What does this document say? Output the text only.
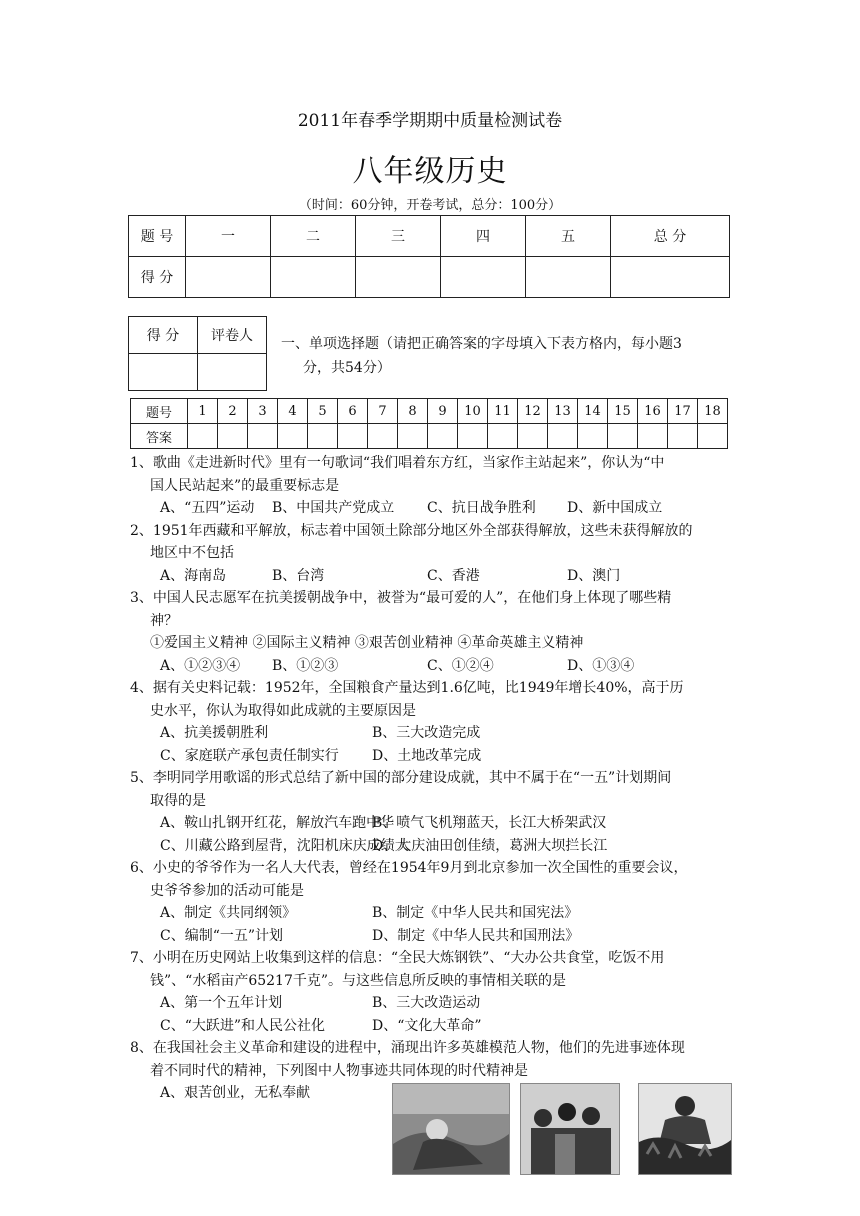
2011年春季学期期中质量检测试卷
八年级历史
（时间：60分钟，开卷考试，总分：100分）
题 号	一	二	三	四	五	总 分
得 分						
得 分	评卷人
	一、单项选择题（请把正确答案的字母填入下表方格内，每小题3
分，共54分）
题号	1	2	3	4	5	6	7	8	9	10	11	12	13	14	15	16	17	18
答案																		
1、歌曲《走进新时代》里有一句歌词“我们唱着东方红，当家作主站起来”，你认为“中
国人民站起来”的最重要标志是
A、“五四”运动 B、中国共产党成立 C、抗日战争胜利 D、新中国成立
2、1951年西藏和平解放，标志着中国领土除部分地区外全部获得解放，这些未获得解放的
地区中不包括
A、海南岛	B、台湾	C、香港	D、澳门
3、中国人民志愿军在抗美援朝战争中，被誉为“最可爱的人”，在他们身上体现了哪些精
神？
①爱国主义精神 ②国际主义精神 ③艰苦创业精神 ④革命英雄主义精神
A、①②③④ B、①②③	C、①②④	D、①③④
4、据有关史料记载：1952年，全国粮食产量达到1.6亿吨，比1949年增长40%，高于历
史水平，你认为取得如此成就的主要原因是
A、抗美援朝胜利	B、三大改造完成
C、家庭联产承包责任制实行 D、土地改革完成
5、李明同学用歌谣的形式总结了新中国的部分建设成就，其中不属于在“一五”计划期间
取得的是
A、鞍山扎钢开红花，解放汽车跑中华B、喷气飞机翔蓝天，长江大桥架武汉
C、川藏公路到屋背，沈阳机床庆成绩大D、大庆油田创佳绩，葛洲大坝拦长江
6、小史的爷爷作为一名人大代表，曾经在1954年9月到北京参加一次全国性的重要会议，
史爷爷参加的活动可能是
A、制定《共同纲领》	B、制定《中华人民共和国宪法》
C、编制“一五”计划	D、制定《中华人民共和国刑法》
7、小明在历史网站上收集到这样的信息：“全民大炼钢铁”、“大办公共食堂，吃饭不用
钱”、“水稻亩产65217千克”。与这些信息所反映的事情相关联的是
A、第一个五年计划	B、三大改造运动
C、“大跃进”和人民公社化	D、“文化大革命”
8、在我国社会主义革命和建设的进程中，涌现出许多英雄模范人物，他们的先进事迹体现
着不同时代的精神，下列图中人物事迹共同体现的时代精神是
A、艰苦创业，无私奉献
